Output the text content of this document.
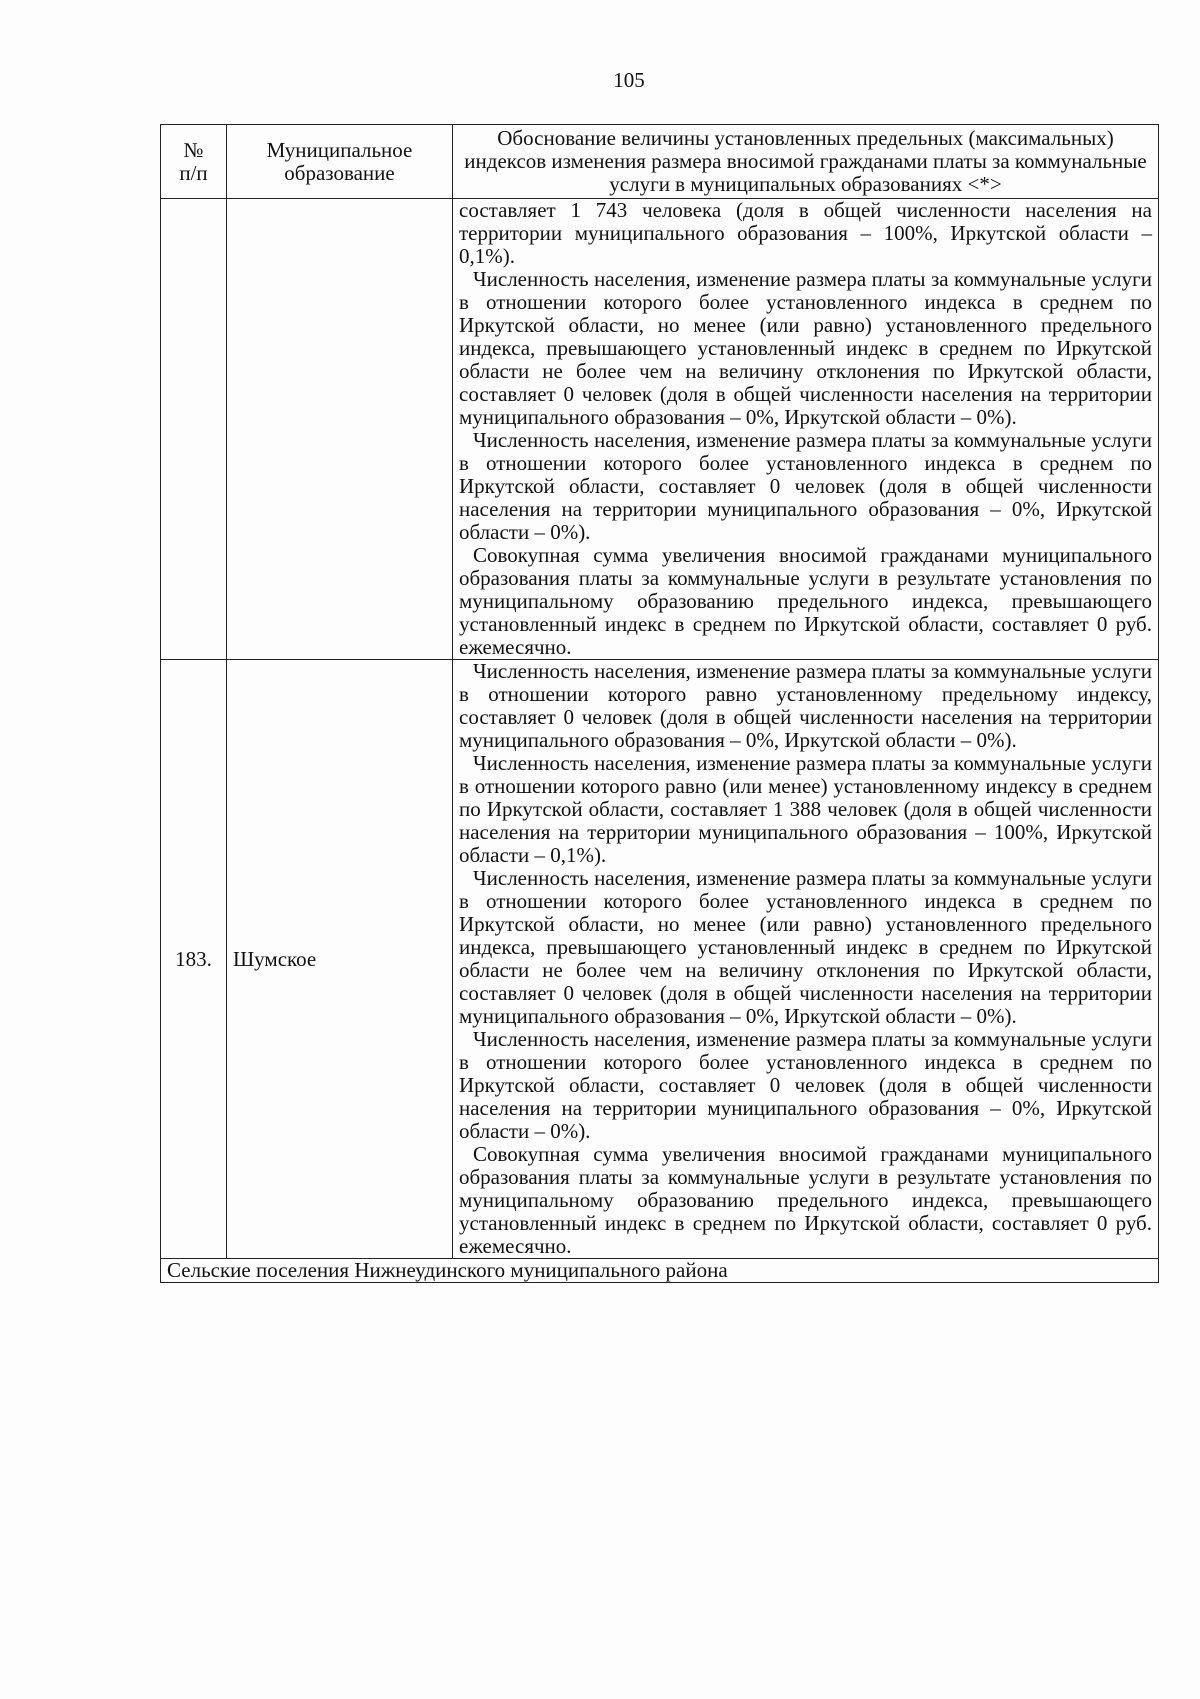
105
№
п/п	Муниципальное образование	Обоснование величины установленных предельных (максимальных) индексов изменения размера вносимой гражданами платы за коммунальные услуги в муниципальных образованиях <*>

		составляет 1 743 человека (доля в общей численности населения на территории муниципального образования – 100%, Иркутской области – 0,1%).

Численность населения, изменение размера платы за коммунальные услуги в отношении которого более установленного индекса в среднем по Иркутской области, но менее (или равно) установленного предельного индекса, превышающего установленный индекс в среднем по Иркутской области не более чем на величину отклонения по Иркутской области, составляет 0 человек (доля в общей численности населения на территории муниципального образования – 0%, Иркутской области – 0%).

Численность населения, изменение размера платы за коммунальные услуги в отношении которого более установленного индекса в среднем по Иркутской области, составляет 0 человек (доля в общей численности населения на территории муниципального образования – 0%, Иркутской области – 0%).

Совокупная сумма увеличения вносимой гражданами муниципального образования платы за коммунальные услуги в результате установления по муниципальному образованию предельного индекса, превышающего установленный индекс в среднем по Иркутской области, составляет 0 руб. ежемесячно.

183.	Шумское	Численность населения, изменение размера платы за коммунальные услуги в отношении которого равно установленному предельному индексу, составляет 0 человек (доля в общей численности населения на территории муниципального образования – 0%, Иркутской области – 0%).

Численность населения, изменение размера платы за коммунальные услуги в отношении которого равно (или менее) установленному индексу в среднем по Иркутской области, составляет 1 388 человек (доля в общей численности населения на территории муниципального образования – 100%, Иркутской области – 0,1%).

Численность населения, изменение размера платы за коммунальные услуги в отношении которого более установленного индекса в среднем по Иркутской области, но менее (или равно) установленного предельного индекса, превышающего установленный индекс в среднем по Иркутской области не более чем на величину отклонения по Иркутской области, составляет 0 человек (доля в общей численности населения на территории муниципального образования – 0%, Иркутской области – 0%).

Численность населения, изменение размера платы за коммунальные услуги в отношении которого более установленного индекса в среднем по Иркутской области, составляет 0 человек (доля в общей численности населения на территории муниципального образования – 0%, Иркутской области – 0%).

Совокупная сумма увеличения вносимой гражданами муниципального образования платы за коммунальные услуги в результате установления по муниципальному образованию предельного индекса, превышающего установленный индекс в среднем по Иркутской области, составляет 0 руб. ежемесячно.

Сельские поселения Нижнеудинского муниципального района		
